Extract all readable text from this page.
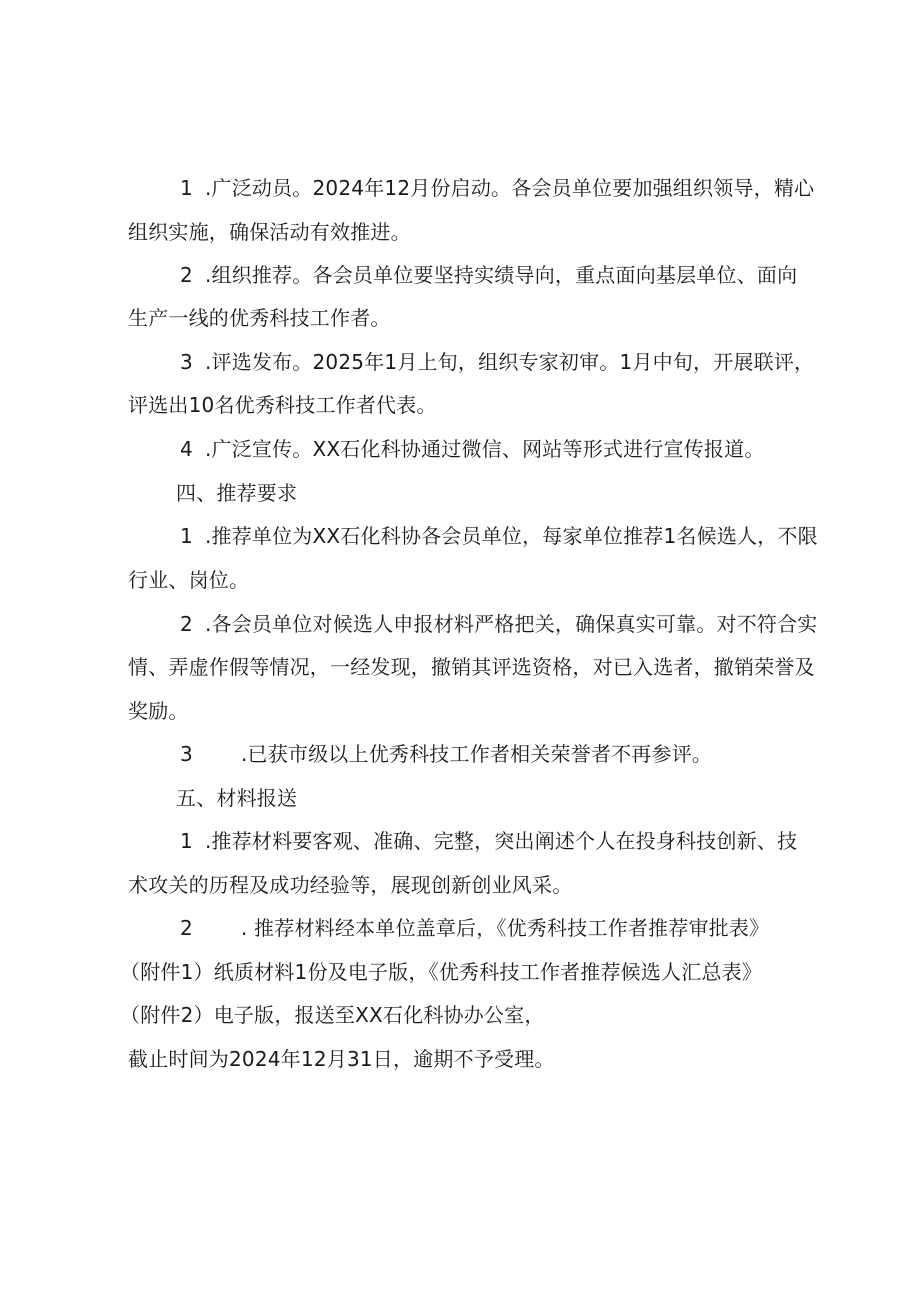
1 .广泛动员。2024年12月份启动。各会员单位要加强组织领导，精心
组织实施，确保活动有效推进。
2 .组织推荐。各会员单位要坚持实绩导向，重点面向基层单位、面向
生产一线的优秀科技工作者。
3 .评选发布。2025年1月上旬，组织专家初审。1月中旬，开展联评，
评选出10名优秀科技工作者代表。
4 .广泛宣传。XX石化科协通过微信、网站等形式进行宣传报道。
四、推荐要求
1 .推荐单位为XX石化科协各会员单位，每家单位推荐1名候选人，不限
行业、岗位。
2 .各会员单位对候选人申报材料严格把关，确保真实可靠。对不符合实
情、弄虚作假等情况，一经发现，撤销其评选资格，对已入选者，撤销荣誉及
奖励。
3 .已获市级以上优秀科技工作者相关荣誉者不再参评。
五、材料报送
1 .推荐材料要客观、准确、完整，突出阐述个人在投身科技创新、技
术攻关的历程及成功经验等，展现创新创业风采。
2 . 推荐材料经本单位盖章后，《优秀科技工作者推荐审批表》
（附件1）纸质材料1份及电子版，《优秀科技工作者推荐候选人汇总表》
（附件2）电子版，报送至XX石化科协办公室，
截止时间为2024年12月31日，逾期不予受理。
